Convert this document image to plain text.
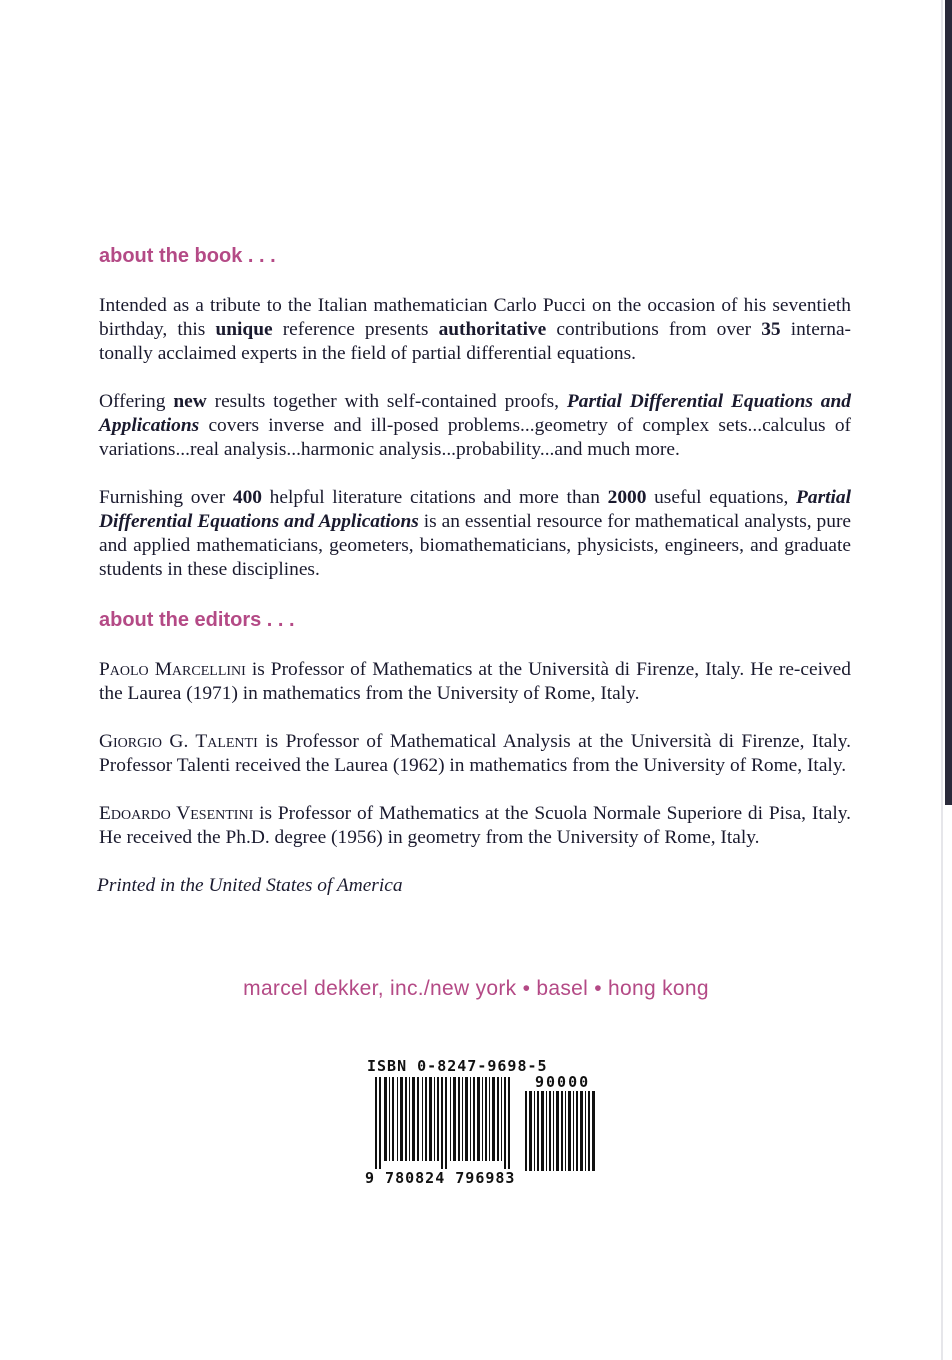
about the book . . .

Intended as a tribute to the Italian mathematician Carlo Pucci on the occasion of his seventieth birthday, this unique reference presents authoritative contributions from over 35 interna-tonally acclaimed experts in the field of partial differential equations.

Offering new results together with self-contained proofs, Partial Differential Equations and Applications covers inverse and ill-posed problems...geometry of complex sets...calculus of variations...real analysis...harmonic analysis...probability...and much more.

Furnishing over 400 helpful literature citations and more than 2000 useful equations, Partial Differential Equations and Applications is an essential resource for mathematical analysts, pure and applied mathematicians, geometers, biomathematicians, physicists, engineers, and graduate students in these disciplines.

about the editors . . .

Paolo Marcellini is Professor of Mathematics at the Università di Firenze, Italy. He re-ceived the Laurea (1971) in mathematics from the University of Rome, Italy.

Giorgio G. Talenti is Professor of Mathematical Analysis at the Università di Firenze, Italy. Professor Talenti received the Laurea (1962) in mathematics from the University of Rome, Italy.

Edoardo Vesentini is Professor of Mathematics at the Scuola Normale Superiore di Pisa, Italy. He received the Ph.D. degree (1956) in geometry from the University of Rome, Italy.

Printed in the United States of America

marcel dekker, inc./new york • basel • hong kong
ISBN 0-8247-9698-5
90000
9 780824 796983
